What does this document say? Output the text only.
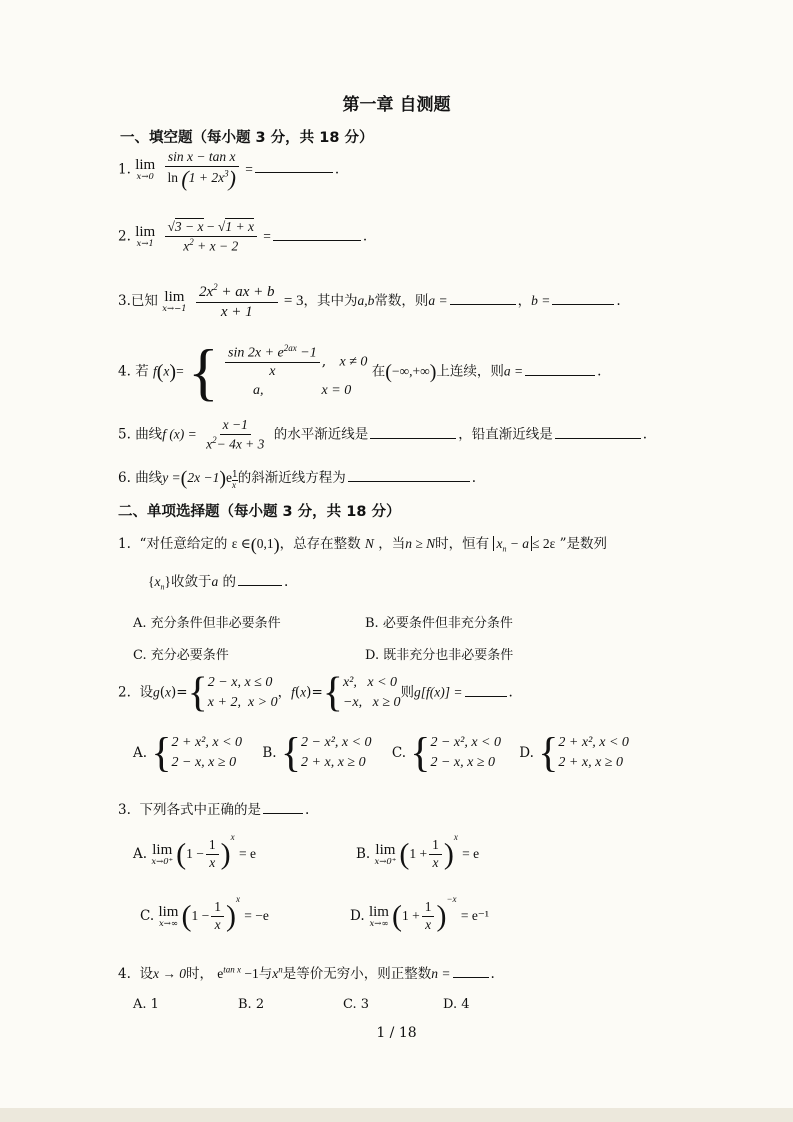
第一章 自测题
一、填空题（每小题 3 分，共 18 分）
1. lim
x→0
$\frac{\text{sin x − tan x}}{\ln (1 + 2x^3)}$ =	.
2. lim
x→1
$\frac{√3 - x - √1 + x}{x^2 + x - 2}$ =	.
3.已知 lim
x→−1
$\frac{2x^2 + ax + b}{x + 1} = 3$，其中为a,b常数，则a =	，b =	.
4. 若 f(x)= { $\frac{\sin 2x + e^{2ax} -1}{x}$ ,   x ≠ 0
a,	x = 0
在(−∞,+∞)上连续，则a =	.
5. 曲线f $(x) = \frac{x -1}{x^2- 4x + 3}$ 的水平渐近线是	，铅直渐近线是	.
6. 曲线$y =(2x -1)e \frac{1}{x}$ 的斜渐近线方程为	.
二、单项选择题（每小题 3 分，共 18 分）
1. “对任意给定的 ε ∈(0,1)，总存在整数 N ，当n ≥ N时，恒有 $x_n - a \le 2\varepsilon$ ”是数列
$\{x_n\}$收敛于a 的	.
A. 充分条件但非必要条件	B. 必要条件但非充分条件
C. 充分必要条件	D. 既非充分也非必要条件
2. 设g(x)={ 2 − x, x ≤ 0
x + 2, x > 0
，f(x)={ x², x < 0
−x, x ≥ 0
则g[f(x)] =	.
A. { 2 + x², x < 0
2 − x, x ≥ 0
B. { 2 − x², x < 0
2 + x, x ≥ 0
C. { 2 − x², x < 0
2 − x, x ≥ 0
D. { 2 + x², x < 0
2 + x, x ≥ 0
3. 下列各式中正确的是	.
A. lim
x→0⁺ $(1 - \frac{1}{x} )^x = e$	B. lim
x→0⁺ $(1 + \frac{1}{x} )^x = e$
C. lim
x→∞ $(1 - \frac{1}{x} )^x = -e$	D. lim
x→∞ $(1 + \frac{1}{x} )^{-x} = e^{-1}$
4. 设x → 0时， $e^{tan x} -1$与$x^n$是等价无穷小，则正整数n =	.
A. 1	B. 2	C. 3	D. 4
1 / 18
